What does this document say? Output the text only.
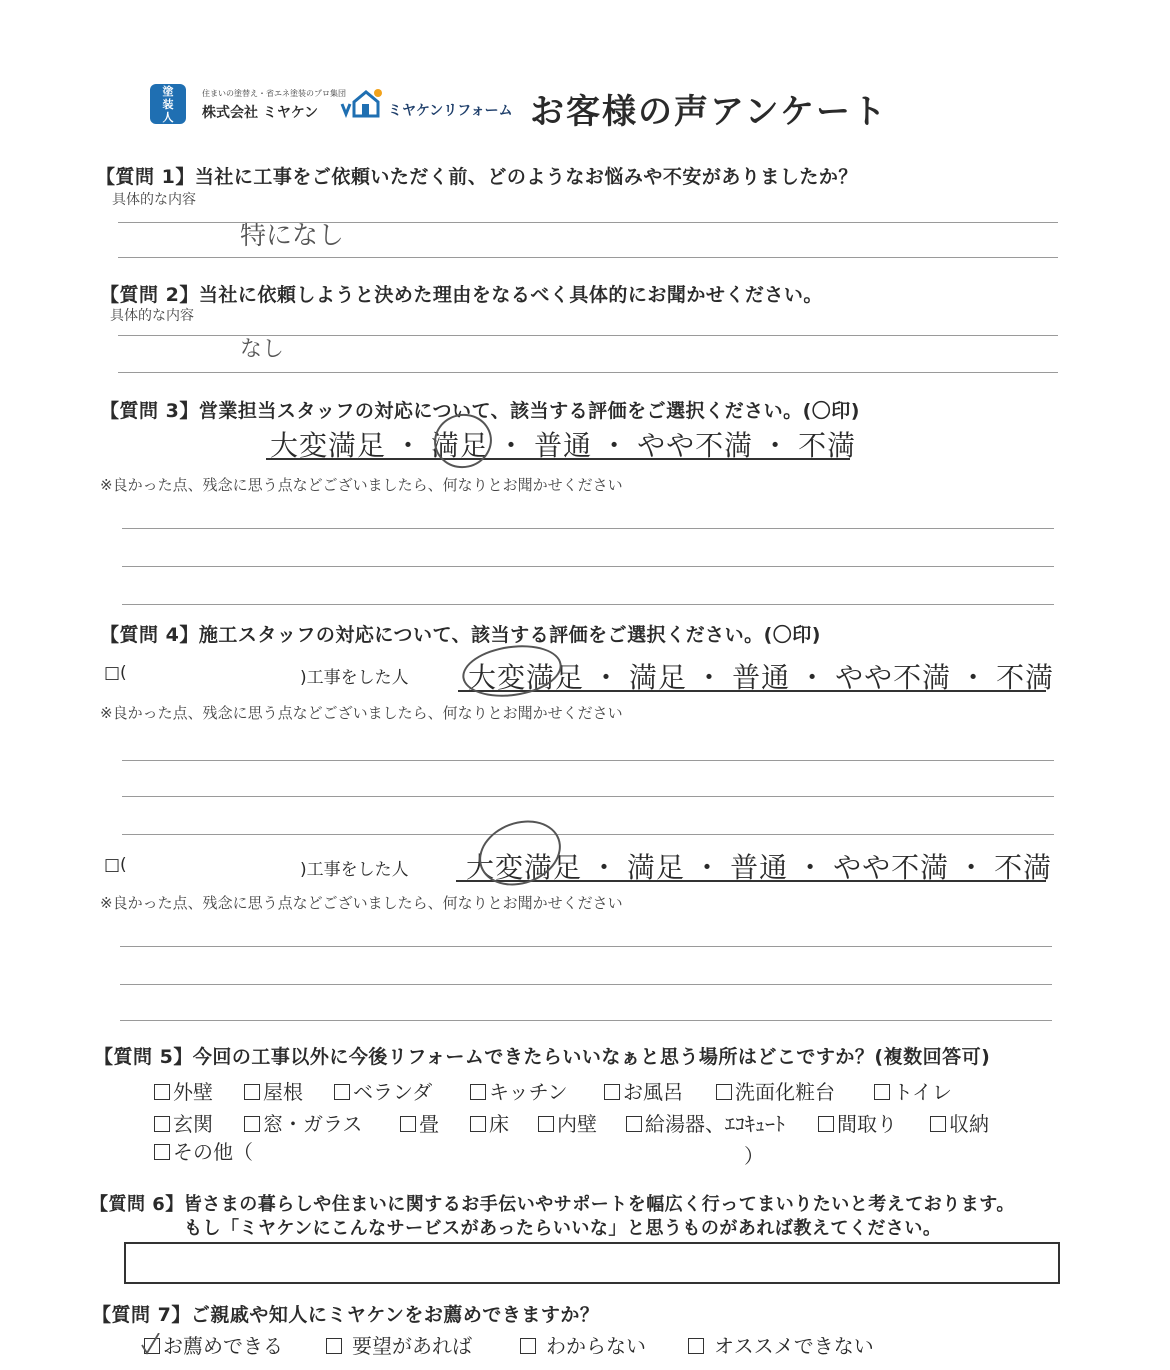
塗装人
住まいの塗替え・省エネ塗装のプロ集団
株式会社 ミヤケン	ミヤケンリフォーム お客様の声アンケート
【質問 1】当社に工事をご依頼いただく前、どのようなお悩みや不安がありましたか？
具体的な内容
特になし
【質問 2】当社に依頼しようと決めた理由をなるべく具体的にお聞かせください。
具体的な内容
なし
【質問 3】営業担当スタッフの対応について、該当する評価をご選択ください。(〇印)
大変満足 ・ 満足 ・ 普通 ・ やや不満 ・ 不満
※良かった点、残念に思う点などございましたら、何なりとお聞かせください
【質問 4】施工スタッフの対応について、該当する評価をご選択ください。(〇印)
□(	)工事をした人 大変満足 ・ 満足 ・ 普通 ・ やや不満 ・ 不満
※良かった点、残念に思う点などございましたら、何なりとお聞かせください
□(	)工事をした人 大変満足 ・ 満足 ・ 普通 ・ やや不満 ・ 不満
※良かった点、残念に思う点などございましたら、何なりとお聞かせください
【質問 5】今回の工事以外に今後リフォームできたらいいなぁと思う場所はどこですか？(複数回答可)
外壁	屋根	ベランダ	キッチン	お風呂	洗面化粧台	トイレ
玄関	窓・ガラス	畳	床	内壁	給湯器、ｴｺｷｭｰﾄ	間取り	収納
その他（	）
【質問 6】皆さまの暮らしや住まいに関するお手伝いやサポートを幅広く行ってまいりたいと考えております。
もし「ミヤケンにこんなサービスがあったらいいな」と思うものがあれば教えてください。
【質問 7】ご親戚や知人にミヤケンをお薦めできますか？
お薦めできる	要望があれば	わからない	オススメできない
